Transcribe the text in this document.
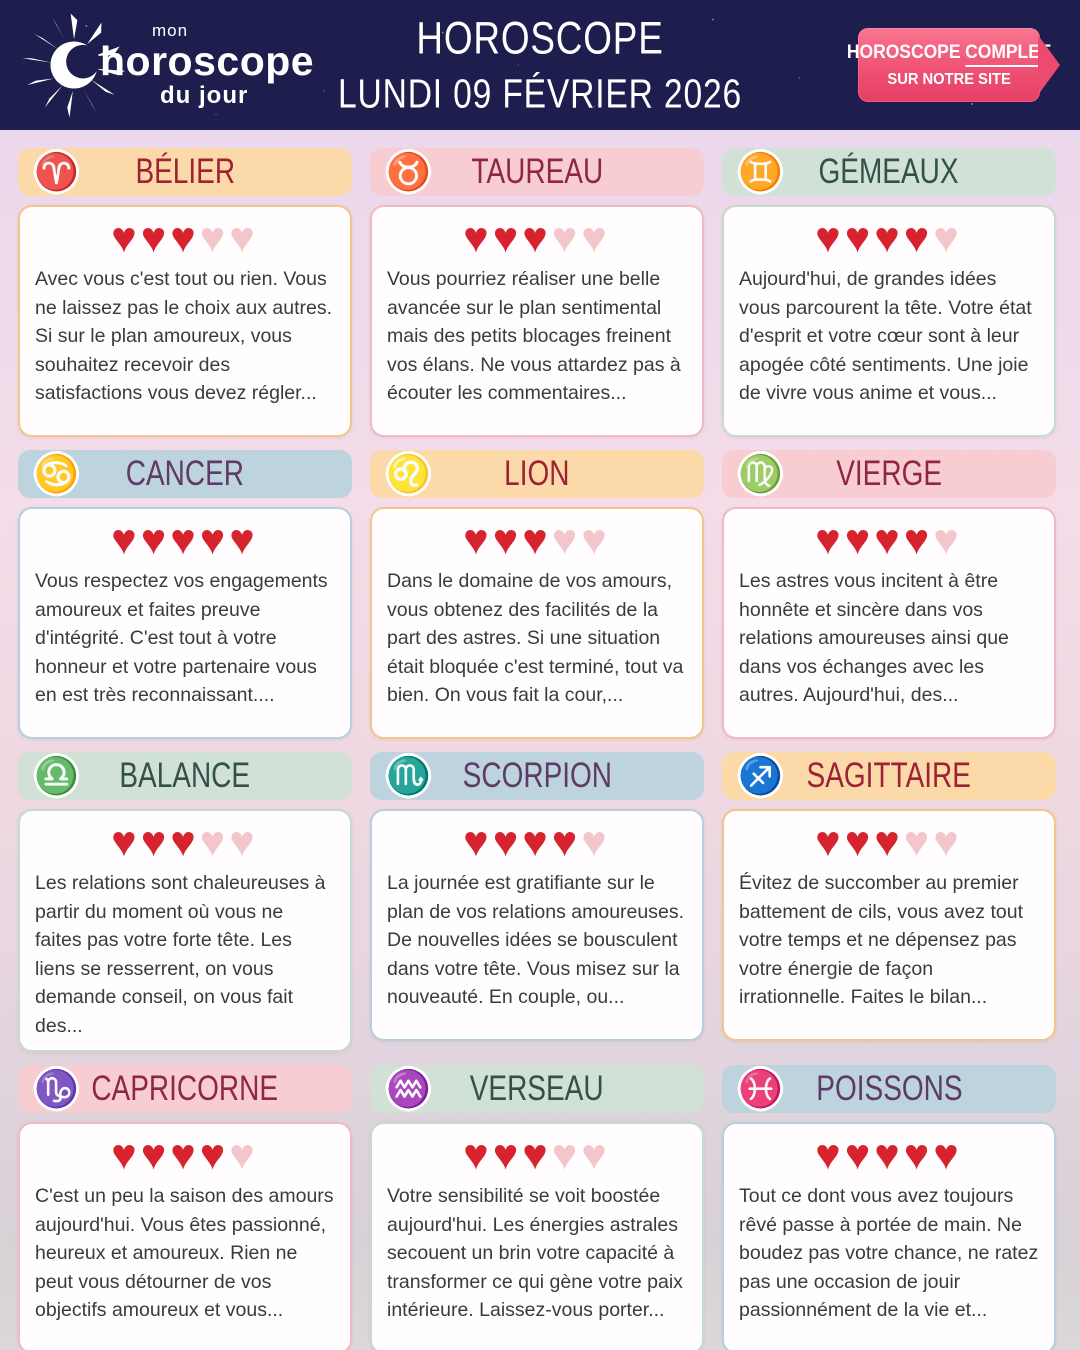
mon
horoscope
du jour
HOROSCOPE
LUNDI 09 FÉVRIER 2026
HOROSCOPE COMPLET
SUR NOTRE SITE
♈ BÉLIER
♥♥♥♥♥

Avec vous c'est tout ou rien. Vous ne laissez pas le choix aux autres. Si sur le plan amoureux, vous souhaitez recevoir des satisfactions vous devez régler...

♉ TAUREAU
♥♥♥♥♥

Vous pourriez réaliser une belle avancée sur le plan sentimental mais des petits blocages freinent vos élans. Ne vous attardez pas à écouter les commentaires...

♊ GÉMEAUX
♥♥♥♥♥

Aujourd'hui, de grandes idées vous parcourent la tête. Votre état d'esprit et votre cœur sont à leur apogée côté sentiments. Une joie de vivre vous anime et vous...

♋ CANCER
♥♥♥♥♥

Vous respectez vos engagements amoureux et faites preuve d'intégrité. C'est tout à votre honneur et votre partenaire vous en est très reconnaissant....

♌ LION
♥♥♥♥♥

Dans le domaine de vos amours, vous obtenez des facilités de la part des astres. Si une situation était bloquée c'est terminé, tout va bien. On vous fait la cour,...

♍ VIERGE
♥♥♥♥♥

Les astres vous incitent à être honnête et sincère dans vos relations amoureuses ainsi que dans vos échanges avec les autres. Aujourd'hui, des...

♎ BALANCE
♥♥♥♥♥

Les relations sont chaleureuses à partir du moment où vous ne faites pas votre forte tête. Les liens se resserrent, on vous demande conseil, on vous fait des...

♏ SCORPION
♥♥♥♥♥

La journée est gratifiante sur le plan de vos relations amoureuses. De nouvelles idées se bousculent dans votre tête. Vous misez sur la nouveauté. En couple, ou...

♐ SAGITTAIRE
♥♥♥♥♥

Évitez de succomber au premier battement de cils, vous avez tout votre temps et ne dépensez pas votre énergie de façon irrationnelle. Faites le bilan...

♑ CAPRICORNE
♥♥♥♥♥

C'est un peu la saison des amours aujourd'hui. Vous êtes passionné, heureux et amoureux. Rien ne peut vous détourner de vos objectifs amoureux et vous...

♒ VERSEAU
♥♥♥♥♥

Votre sensibilité se voit boostée aujourd'hui. Les énergies astrales secouent un brin votre capacité à transformer ce qui gène votre paix intérieure. Laissez-vous porter...

♓ POISSONS
♥♥♥♥♥

Tout ce dont vous avez toujours rêvé passe à portée de main. Ne boudez pas votre chance, ne ratez pas une occasion de jouir passionnément de la vie et...
